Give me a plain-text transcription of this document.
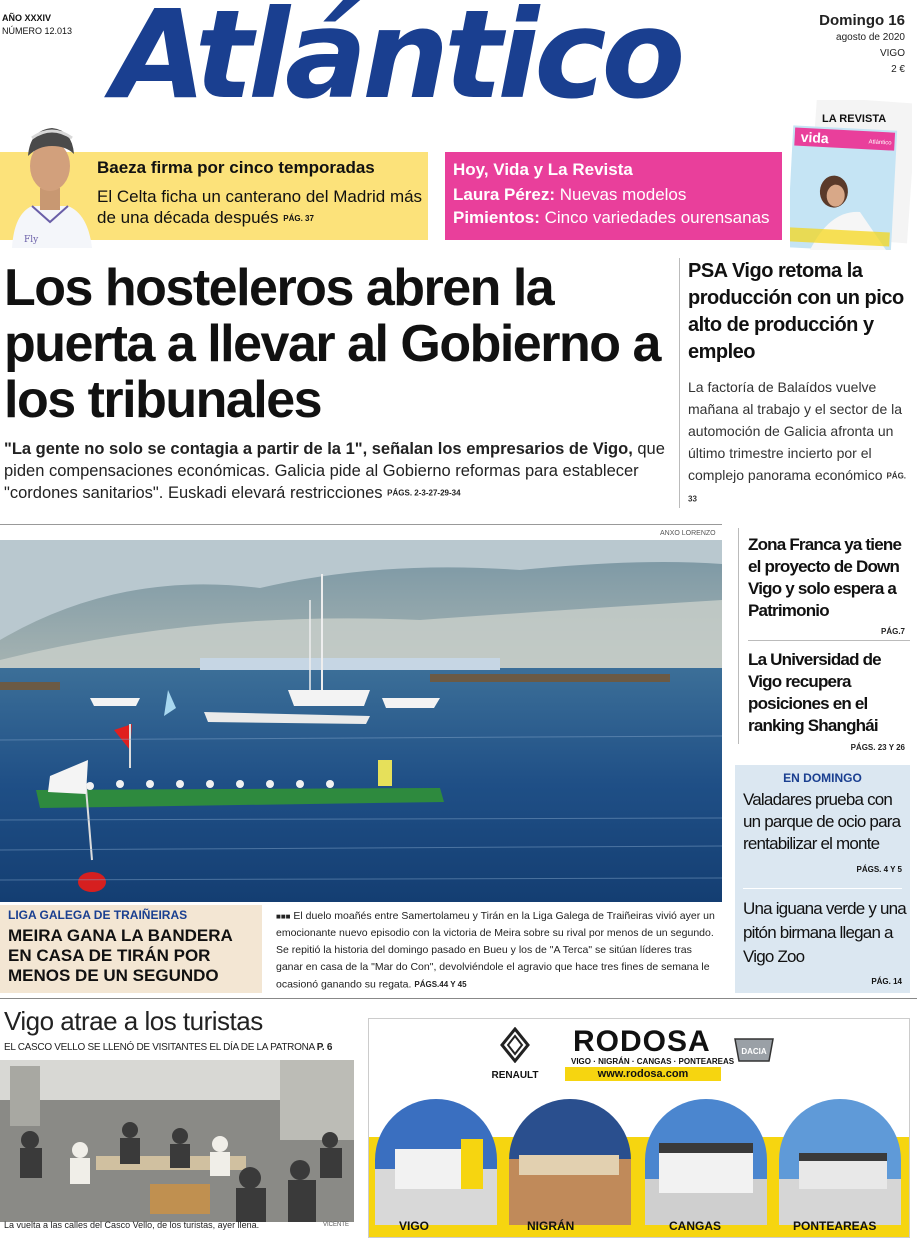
AÑO XXXIV
NÚMERO 12.013 Atlántico	Domingo 16
agosto de 2020
VIGO
2 €
Baeza firma por cinco temporadas
El Celta ficha un canterano del Madrid más de una década después PÁG. 37
Fly
Hoy, Vida y La Revista
Laura Pérez: Nuevas modelos
Pimientos: Cinco variedades ourensanas
LA REVISTA
vida	Atlántico
Los hosteleros abren la puerta a llevar al Gobierno a los tribunales
"La gente no solo se contagia a partir de la 1", señalan los empresarios de Vigo, que piden compensaciones económicas. Galicia pide al Gobierno reformas para establecer "cordones sanitarios". Euskadi elevará restricciones PÁGS. 2-3-27-29-34
PSA Vigo retoma la producción con un pico alto de producción y empleo
La factoría de Balaídos vuelve mañana al trabajo y el sector de la automoción de Galicia afronta un último trimestre incierto por el complejo panorama económico PÁG. 33
ANXO LORENZO
LIGA GALEGA DE TRAIÑEIRAS
MEIRA GANA LA BANDERA EN CASA DE TIRÁN POR MENOS DE UN SEGUNDO
■■■ El duelo moañés entre Samertolameu y Tirán en la Liga Galega de Traiñeiras vivió ayer un emocionante nuevo episodio con la victoria de Meira sobre su rival por menos de un segundo. Se repitió la historia del domingo pasado en Bueu y los de "A Terca" se sitúan líderes tras ganar en casa de la "Mar do Con", devolviéndole el agravio que hace tres fines de semana le ocasionó ganando su regata. PÁGS.44 Y 45
Zona Franca ya tiene el proyecto de Down Vigo y solo espera a Patrimonio
PÁG.7
La Universidad de Vigo recupera posiciones en el ranking Shanghái
PÁGS. 23 Y 26
EN DOMINGO
Valadares prueba con un parque de ocio para rentabilizar el monte
PÁGS. 4 Y 5
Una iguana verde y una pitón birmana llegan a Vigo Zoo
PÁG. 14
Vigo atrae a los turistas
EL CASCO VELLO SE LLENÓ DE VISITANTES EL DÍA DE LA PATRONA P. 6
La vuelta a las calles del Casco Vello, de los turistas, ayer llena.	VICENTE
RENAULT
RODOSA
VIGO · NIGRÁN · CANGAS · PONTEAREAS
www.rodosa.com
DACIA
VIGO	NIGRÁN	CANGAS	PONTEAREAS
